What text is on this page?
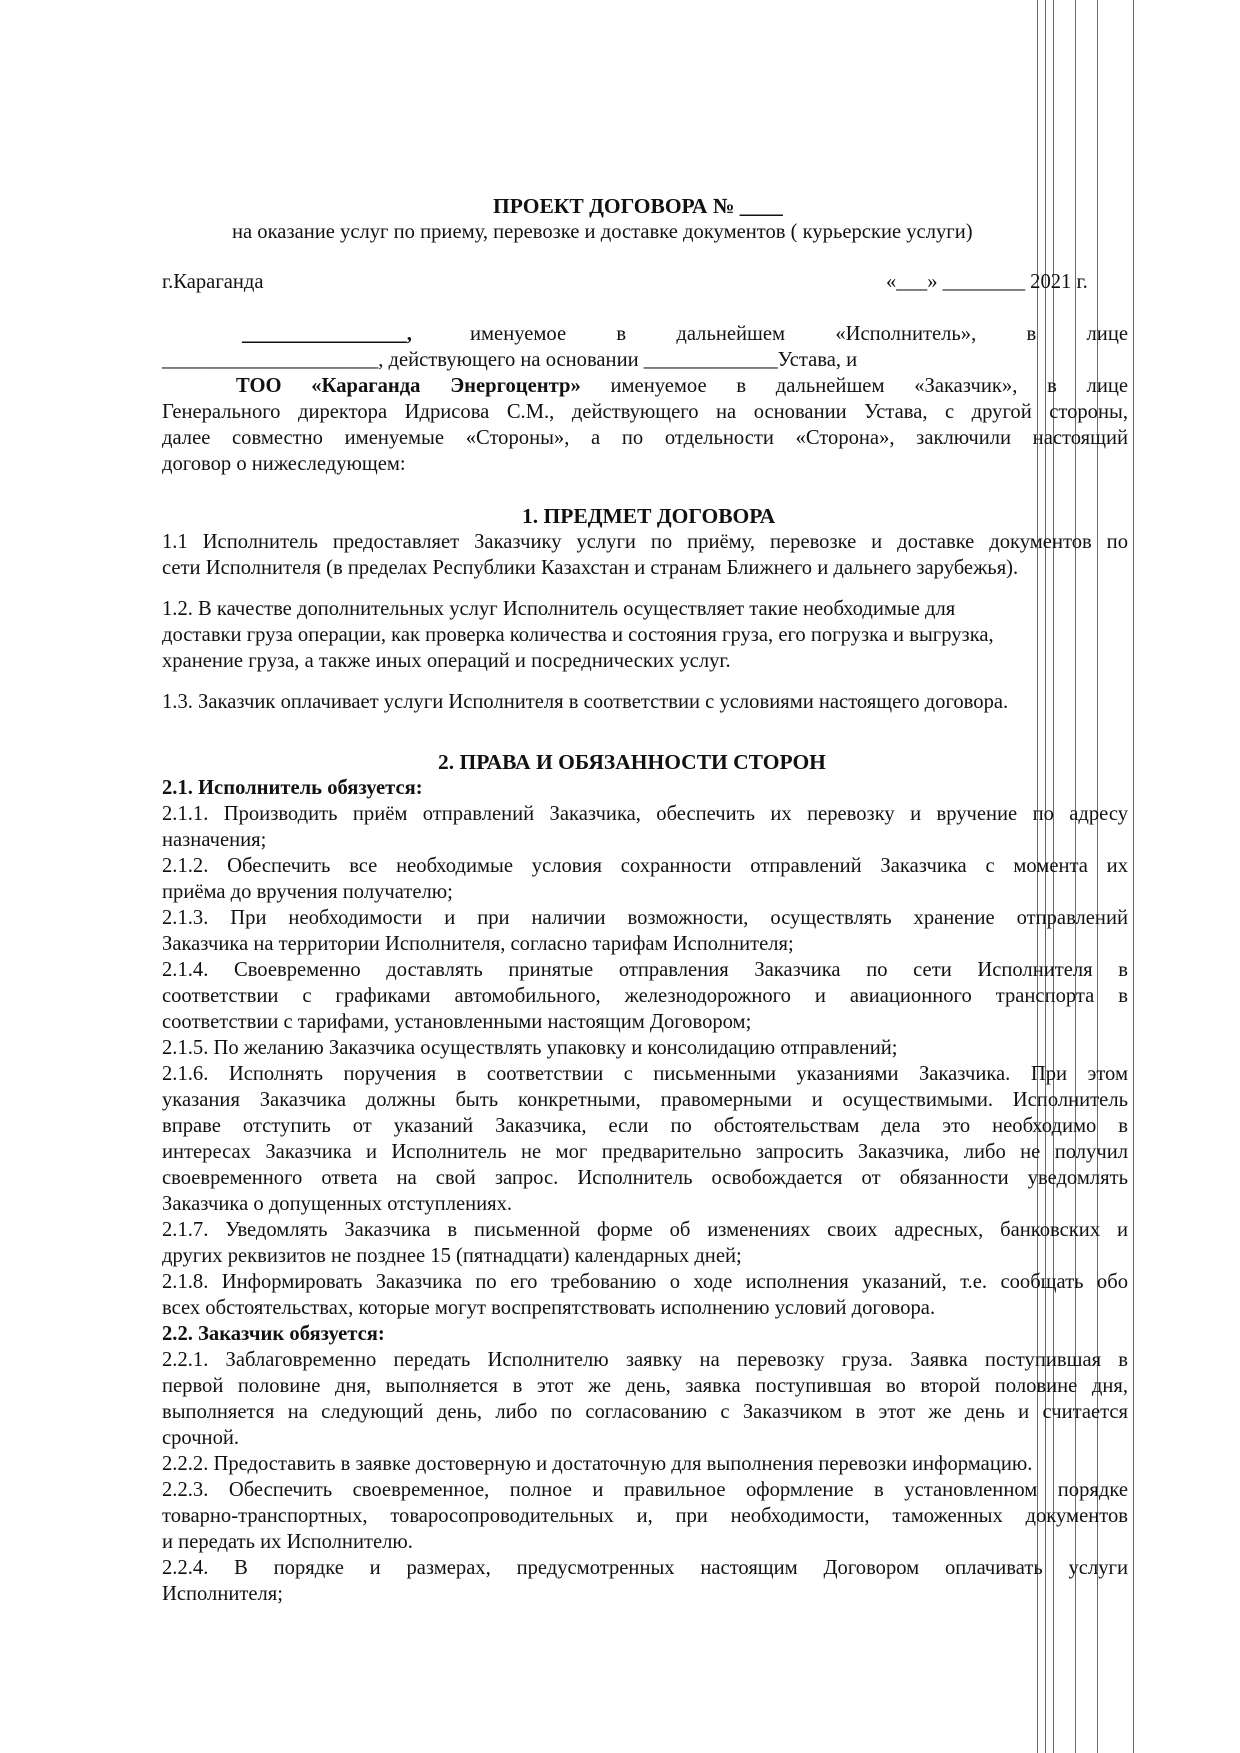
ПРОЕКТ ДОГОВОРА № ____
на оказание услуг по приему, перевозке и доставке документов ( курьерские услуги)
г.Караганда	«___» ________ 2021 г.
________________,	именуемое в дальнейшем «Исполнитель», в лице
_____________________, действующего на основании _____________Устава, и
ТОО «Караганда Энергоцентр» именуемое в дальнейшем «Заказчик», в лице
Генерального директора Идрисова С.М., действующего на основании Устава, с другой стороны,
далее совместно именуемые «Стороны», а по отдельности «Сторона», заключили настоящий
договор о нижеследующем:
1. ПРЕДМЕТ ДОГОВОРА
1.1 Исполнитель предоставляет Заказчику услуги по приёму, перевозке и доставке документов по
сети Исполнителя (в пределах Республики Казахстан и странам Ближнего и дальнего зарубежья).
1.2. В качестве дополнительных услуг Исполнитель осуществляет такие необходимые для
доставки груза операции, как проверка количества и состояния груза, его погрузка и выгрузка,
хранение груза, а также иных операций и посреднических услуг.
1.3. Заказчик оплачивает услуги Исполнителя в соответствии с условиями настоящего договора.
2. ПРАВА И ОБЯЗАННОСТИ СТОРОН
2.1. Исполнитель обязуется:
2.1.1. Производить приём отправлений Заказчика, обеспечить их перевозку и вручение по адресу
назначения;
2.1.2. Обеспечить все необходимые условия сохранности отправлений Заказчика с момента их
приёма до вручения получателю;
2.1.3. При необходимости и при наличии возможности, осуществлять хранение отправлений
Заказчика на территории Исполнителя, согласно тарифам Исполнителя;
2.1.4. Своевременно доставлять принятые отправления Заказчика по сети Исполнителя в
соответствии с графиками автомобильного, железнодорожного и авиационного транспорта в
соответствии с тарифами, установленными настоящим Договором;
2.1.5. По желанию Заказчика осуществлять упаковку и консолидацию отправлений;
2.1.6. Исполнять поручения в соответствии с письменными указаниями Заказчика. При этом
указания Заказчика должны быть конкретными, правомерными и осуществимыми. Исполнитель
вправе отступить от указаний Заказчика, если по обстоятельствам дела это необходимо в
интересах Заказчика и Исполнитель не мог предварительно запросить Заказчика, либо не получил
своевременного ответа на свой запрос. Исполнитель освобождается от обязанности уведомлять
Заказчика о допущенных отступлениях.
2.1.7. Уведомлять Заказчика в письменной форме об изменениях своих адресных, банковских и
других реквизитов не позднее 15 (пятнадцати) календарных дней;
2.1.8. Информировать Заказчика по его требованию о ходе исполнения указаний, т.е. сообщать обо
всех обстоятельствах, которые могут воспрепятствовать исполнению условий договора.
2.2. Заказчик обязуется:
2.2.1. Заблаговременно передать Исполнителю заявку на перевозку груза. Заявка поступившая в
первой половине дня, выполняется в этот же день, заявка поступившая во второй половине дня,
выполняется на следующий день, либо по согласованию с Заказчиком в этот же день и считается
срочной.
2.2.2. Предоставить в заявке достоверную и достаточную для выполнения перевозки информацию.
2.2.3. Обеспечить своевременное, полное и правильное оформление в установленном порядке
товарно-транспортных, товаросопроводительных и, при необходимости, таможенных документов
и передать их Исполнителю.
2.2.4. В порядке и размерах, предусмотренных настоящим Договором оплачивать услуги
Исполнителя;
